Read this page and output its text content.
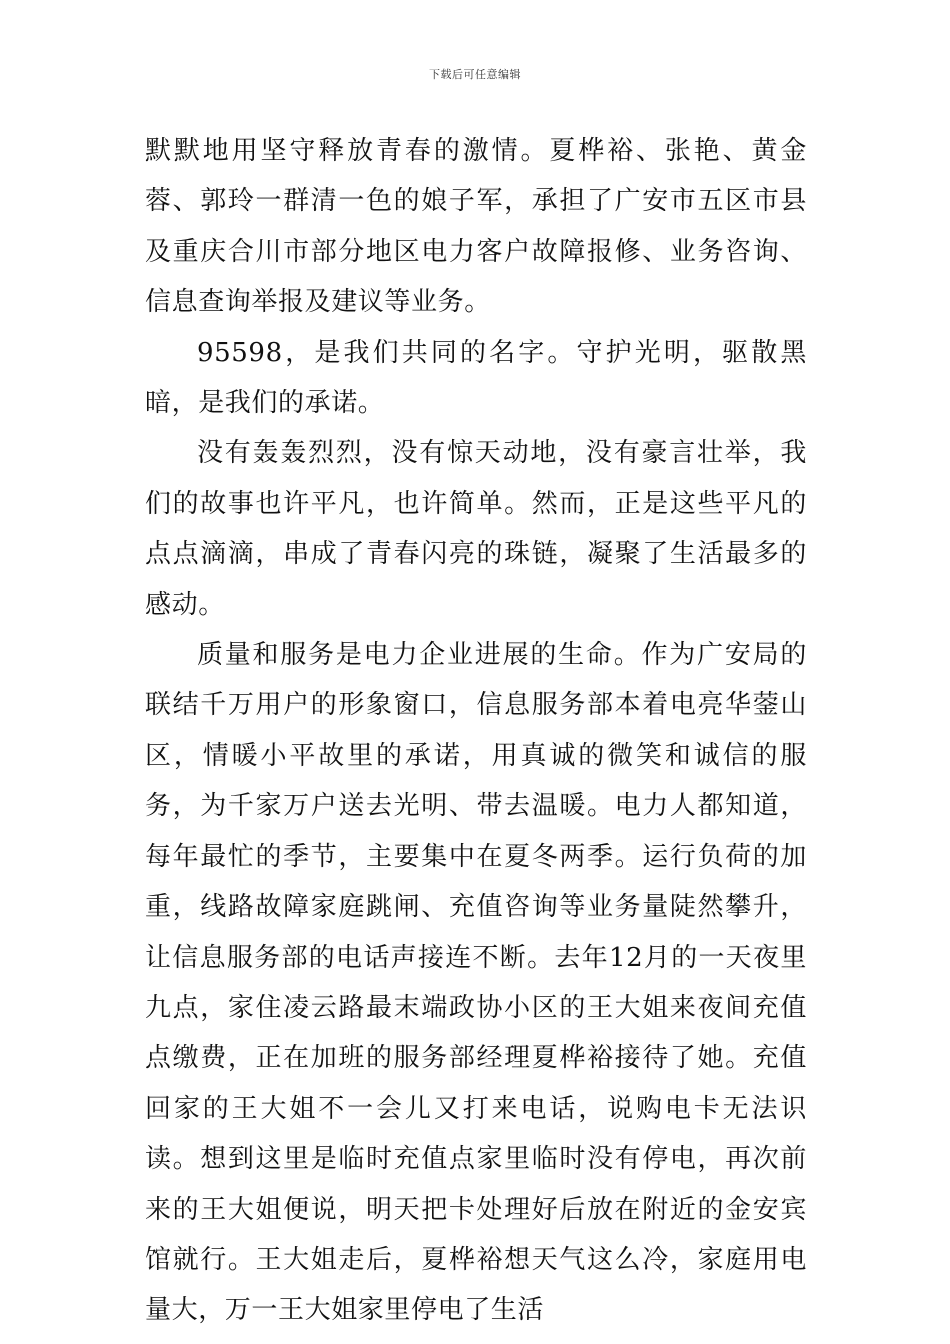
下载后可任意编辑

默默地用坚守释放青春的激情。夏桦裕、张艳、黄金蓉、郭玲一群清一色的娘子军，承担了广安市五区市县及重庆合川市部分地区电力客户故障报修、业务咨询、信息查询举报及建议等业务。

95598，是我们共同的名字。守护光明，驱散黑暗，是我们的承诺。

没有轰轰烈烈，没有惊天动地，没有豪言壮举，我们的故事也许平凡，也许简单。然而，正是这些平凡的点点滴滴，串成了青春闪亮的珠链，凝聚了生活最多的感动。

质量和服务是电力企业进展的生命。作为广安局的联结千万用户的形象窗口，信息服务部本着电亮华蓥山区，情暖小平故里的承诺，用真诚的微笑和诚信的服务，为千家万户送去光明、带去温暖。电力人都知道，每年最忙的季节，主要集中在夏冬两季。运行负荷的加重，线路故障家庭跳闸、充值咨询等业务量陡然攀升，让信息服务部的电话声接连不断。去年12月的一天夜里九点，家住凌云路最末端政协小区的王大姐来夜间充值点缴费，正在加班的服务部经理夏桦裕接待了她。充值回家的王大姐不一会儿又打来电话，说购电卡无法识读。想到这里是临时充值点家里临时没有停电，再次前来的王大姐便说，明天把卡处理好后放在附近的金安宾馆就行。王大姐走后，夏桦裕想天气这么冷，家庭用电量大，万一王大姐家里停电了生活
